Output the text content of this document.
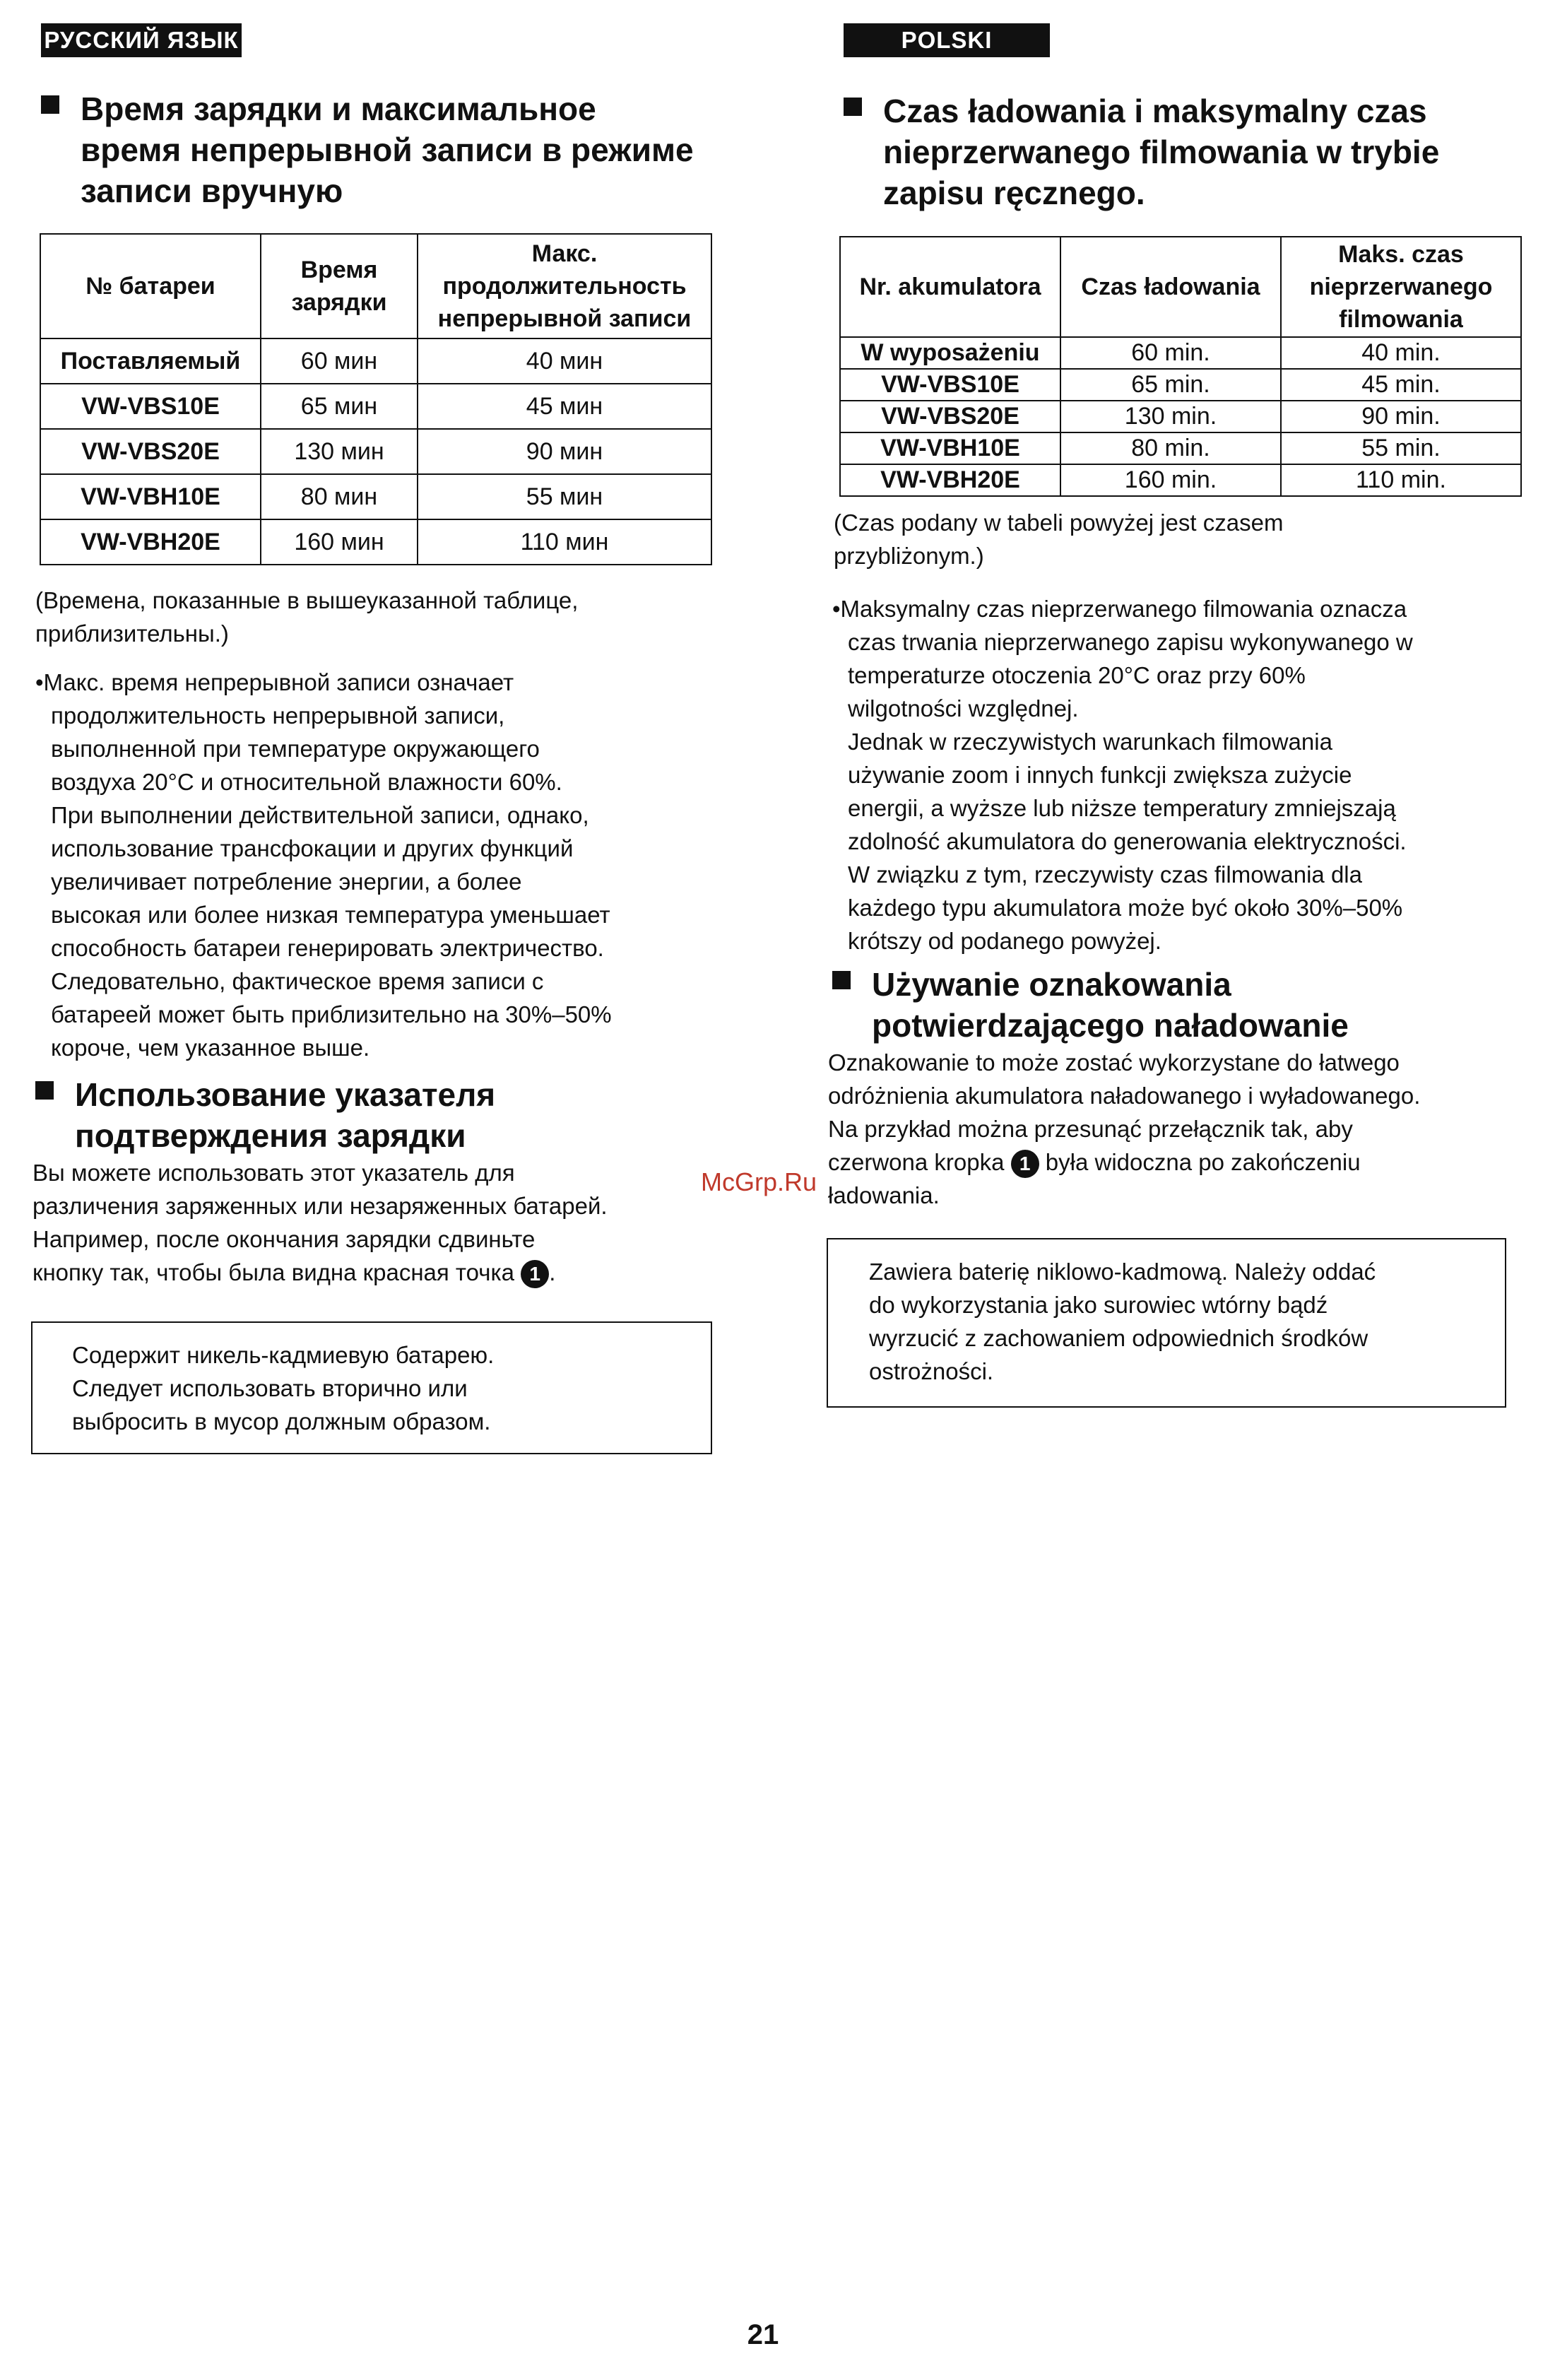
РУССКИЙ ЯЗЫК
Время зарядки и максимальное
время непрерывной записи в режиме
записи вручную
№ батареи	Время зарядки	Макс. продолжительность непрерывной записи
Поставляемый	60 мин	40 мин
VW-VBS10E	65 мин	45 мин
VW-VBS20E	130 мин	90 мин
VW-VBH10E	80 мин	55 мин
VW-VBH20E	160 мин	110 мин
(Времена, показанные в вышеуказанной таблице,
приблизительны.)
•Макс. время непрерывной записи означает
продолжительность непрерывной записи,
выполненной при температуре окружающего
воздуха 20°C и относительной влажности 60%.
При выполнении действительной записи, однако,
использование трансфокации и других функций
увеличивает потребление энергии, а более
высокая или более низкая температура уменьшает
способность батареи генерировать электричество.
Следовательно, фактическое время записи с
батареей может быть приблизительно на 30%–50%
короче, чем указанное выше.
Использование указателя
подтверждения зарядки
Вы можете использовать этот указатель для
различения заряженных или незаряженных батарей.
Например, после окончания зарядки сдвиньте
кнопку так, чтобы была видна красная точка 1 .
Содержит никель-кадмиевую батарею.
Следует использовать вторично или
выбросить в мусор должным образом.
POLSKI
Czas ładowania i maksymalny czas
nieprzerwanego filmowania w trybie
zapisu ręcznego.
Nr. akumulatora	Czas ładowania	Maks. czas nieprzerwanego filmowania
W wyposażeniu	60 min.	40 min.
VW-VBS10E	65 min.	45 min.
VW-VBS20E	130 min.	90 min.
VW-VBH10E	80 min.	55 min.
VW-VBH20E	160 min.	110 min.
(Czas podany w tabeli powyżej jest czasem
przybliżonym.)
•Maksymalny czas nieprzerwanego filmowania oznacza
czas trwania nieprzerwanego zapisu wykonywanego w
temperaturze otoczenia 20°C oraz przy 60%
wilgotności względnej.
Jednak w rzeczywistych warunkach filmowania
używanie zoom i innych funkcji zwiększa zużycie
energii, a wyższe lub niższe temperatury zmniejszają
zdolność akumulatora do generowania elektryczności.
W związku z tym, rzeczywisty czas filmowania dla
każdego typu akumulatora może być około 30%–50%
krótszy od podanego powyżej.
Używanie oznakowania
potwierdzającego naładowanie
Oznakowanie to może zostać wykorzystane do łatwego
odróżnienia akumulatora naładowanego i wyładowanego.
Na przykład można przesunąć przełącznik tak, aby
czerwona kropka 1 była widoczna po zakończeniu
ładowania.
Zawiera baterię niklowo-kadmową. Należy oddać
do wykorzystania jako surowiec wtórny bądź
wyrzucić z zachowaniem odpowiednich środków
ostrożności.
McGrp.Ru
21
